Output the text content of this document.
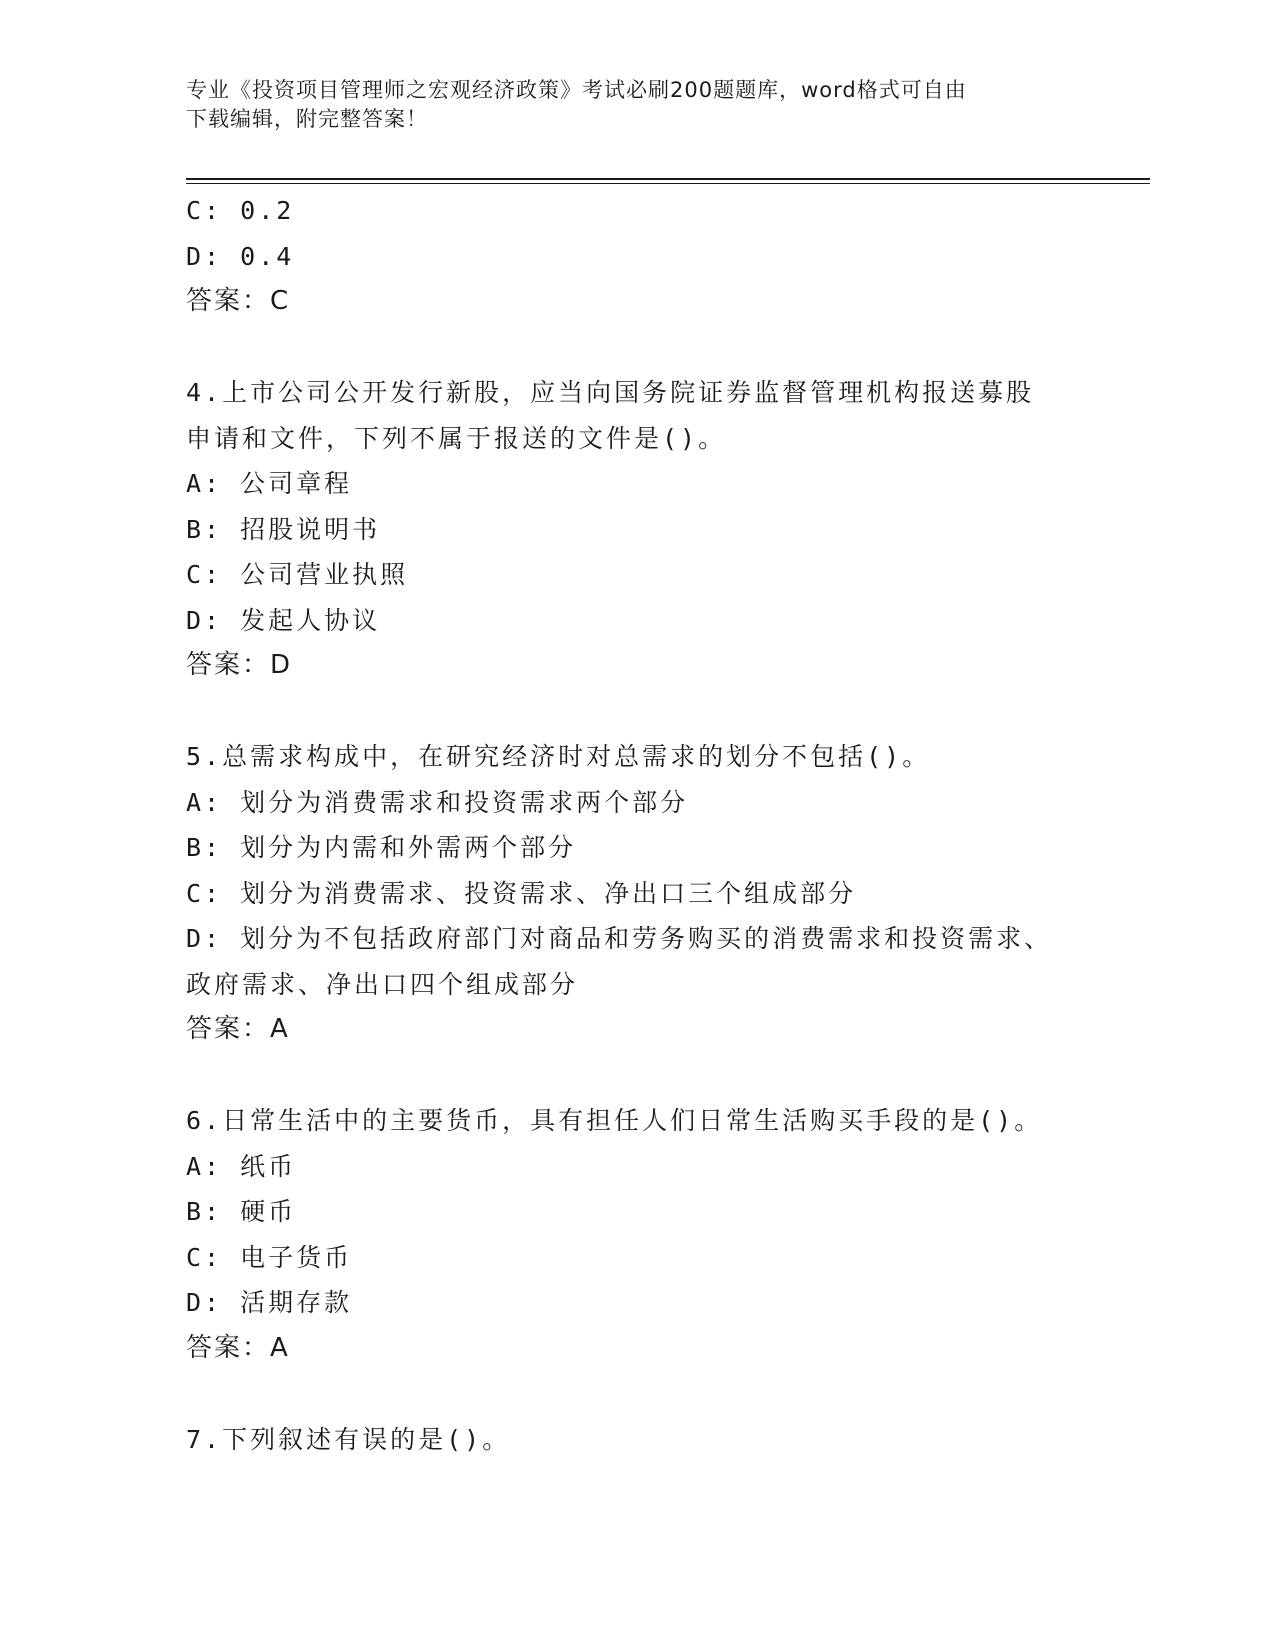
专业《投资项目管理师之宏观经济政策》考试必刷200题题库，word格式可自由
下载编辑，附完整答案！
C: 0.2
D: 0.4
答案：C
4.上市公司公开发行新股，应当向国务院证券监督管理机构报送募股
申请和文件，下列不属于报送的文件是()。
A: 公司章程
B: 招股说明书
C: 公司营业执照
D: 发起人协议
答案：D
5.总需求构成中，在研究经济时对总需求的划分不包括()。
A: 划分为消费需求和投资需求两个部分
B: 划分为内需和外需两个部分
C: 划分为消费需求、投资需求、净出口三个组成部分
D: 划分为不包括政府部门对商品和劳务购买的消费需求和投资需求、
政府需求、净出口四个组成部分
答案：A
6.日常生活中的主要货币，具有担任人们日常生活购买手段的是()。
A: 纸币
B: 硬币
C: 电子货币
D: 活期存款
答案：A
7.下列叙述有误的是()。
